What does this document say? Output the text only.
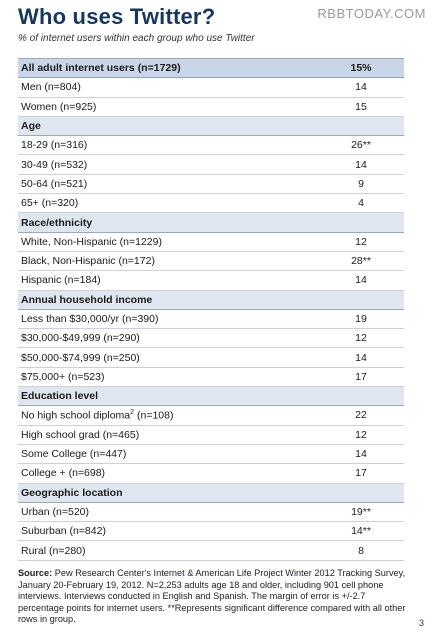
Who uses Twitter?	RBBTODAY.COM
% of internet users within each group who use Twitter
All adult internet users (n=1729)	15%
Men (n=804)	14
Women (n=925)	15
Age
18-29 (n=316)	26**
30-49 (n=532)	14
50-64 (n=521)	9
65+ (n=320)	4
Race/ethnicity
White, Non-Hispanic (n=1229)	12
Black, Non-Hispanic (n=172)	28**
Hispanic (n=184)	14
Annual household income
Less than $30,000/yr (n=390)	19
$30,000-$49,999 (n=290)	12
$50,000-$74,999 (n=250)	14
$75,000+ (n=523)	17
Education level
No high school diploma$^2$ (n=108)	22
High school grad (n=465)	12
Some College (n=447)	14
College + (n=698)	17
Geographic location
Urban (n=520)	19**
Suburban (n=842)	14**
Rural (n=280)	8
Source: Pew Research Center's Internet & American Life Project Winter 2012 Tracking Survey, January 20-February 19, 2012. N=2,253 adults age 18 and older, including 901 cell phone interviews. Interviews conducted in English and Spanish. The margin of error is +/-2.7 percentage points for internet users. **Represents significant difference compared with all other rows in group.	3
